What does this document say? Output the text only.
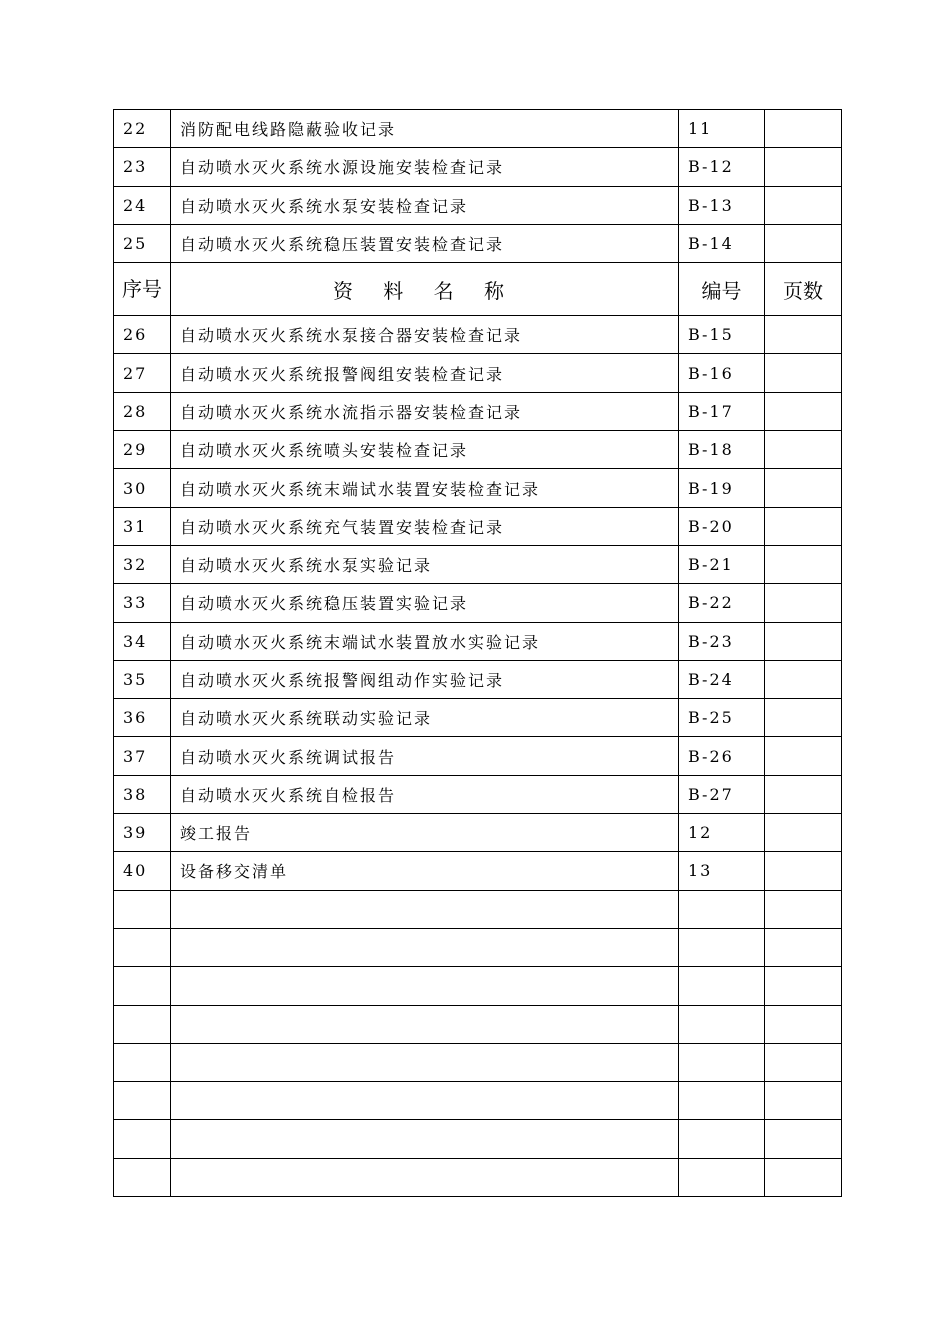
22	消防配电线路隐蔽验收记录	11	
23	自动喷水灭火系统水源设施安装检查记录	B-12	
24	自动喷水灭火系统水泵安装检查记录	B-13	
25	自动喷水灭火系统稳压装置安装检查记录	B-14	
序号	资 料 名 称	编号	页数
26	自动喷水灭火系统水泵接合器安装检查记录	B-15	
27	自动喷水灭火系统报警阀组安装检查记录	B-16	
28	自动喷水灭火系统水流指示器安装检查记录	B-17	
29	自动喷水灭火系统喷头安装检查记录	B-18	
30	自动喷水灭火系统末端试水装置安装检查记录	B-19	
31	自动喷水灭火系统充气装置安装检查记录	B-20	
32	自动喷水灭火系统水泵实验记录	B-21	
33	自动喷水灭火系统稳压装置实验记录	B-22	
34	自动喷水灭火系统末端试水装置放水实验记录	B-23	
35	自动喷水灭火系统报警阀组动作实验记录	B-24	
36	自动喷水灭火系统联动实验记录	B-25	
37	自动喷水灭火系统调试报告	B-26	
38	自动喷水灭火系统自检报告	B-27	
39	竣工报告	12	
40	设备移交清单	13	
